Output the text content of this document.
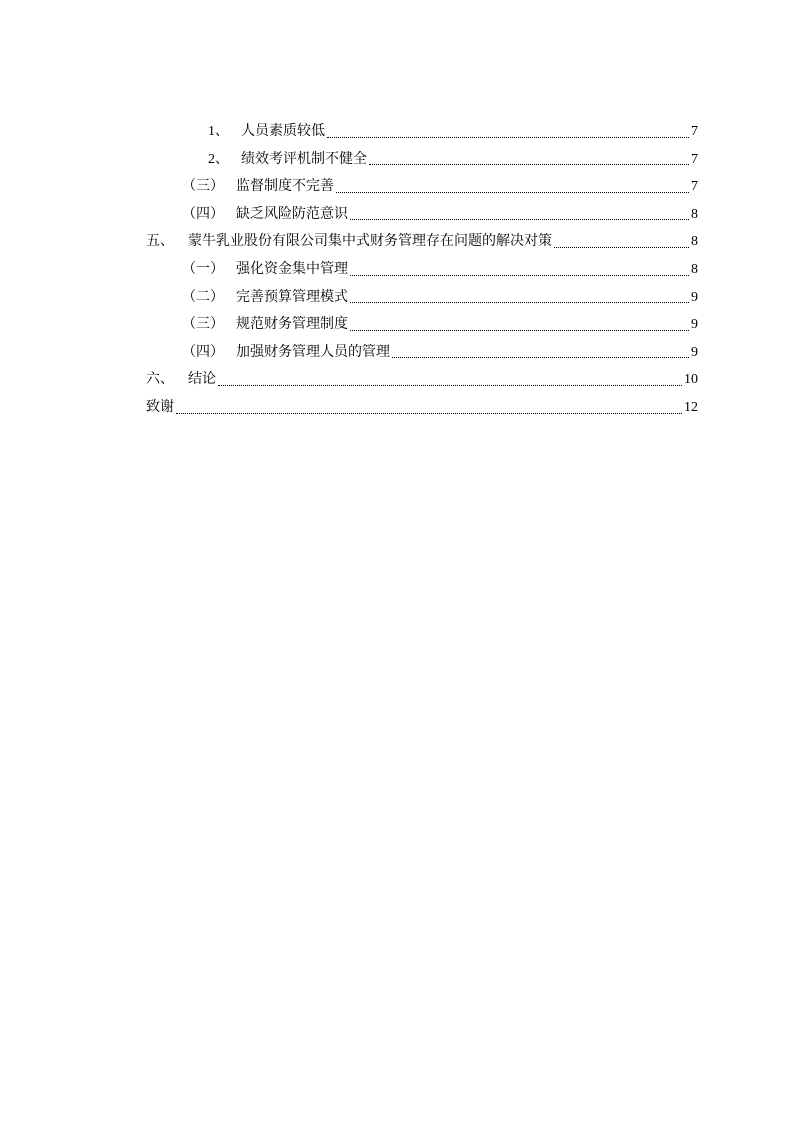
1、 人员素质较低	7
2、 绩效考评机制不健全	7
（三） 监督制度不完善	7
（四） 缺乏风险防范意识	8
五、 蒙牛乳业股份有限公司集中式财务管理存在问题的解决对策	8
（一） 强化资金集中管理	8
（二） 完善预算管理模式	9
（三） 规范财务管理制度	9
（四） 加强财务管理人员的管理	9
六、 结论	10
致谢	12
